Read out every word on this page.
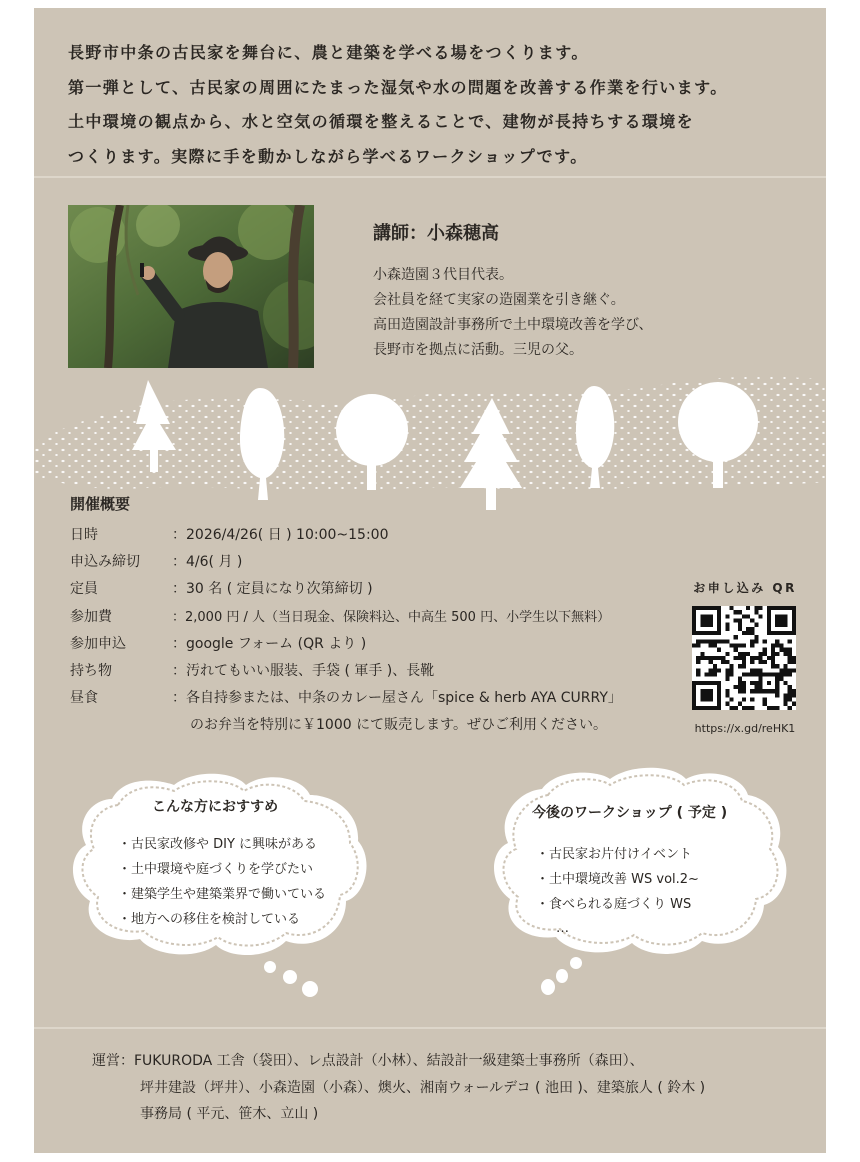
長野市中条の古民家を舞台に、農と建築を学べる場をつくります。

第一弾として、古民家の周囲にたまった湿気や水の問題を改善する作業を行います。

土中環境の観点から、水と空気の循環を整えることで、建物が長持ちする環境を

つくります。実際に手を動かしながら学べるワークショップです。

講師：小森穂高
小森造園３代目代表。
会社員を経て実家の造園業を引き継ぐ。
高田造園設計事務所で土中環境改善を学び、
長野市を拠点に活動。三児の父。
開催概要
日時	：2026/4/26( 日 ) 10:00~15:00
申込み締切 ：4/6( 月 )
定員	：30 名 ( 定員になり次第締切 )
参加費	：2,000 円 / 人（当日現金、保険料込、中高生 500 円、小学生以下無料）
参加申込	：google フォーム (QR より )
持ち物	：汚れてもいい服装、手袋 ( 軍手 )、長靴
昼食	：各自持参または、中条のカレー屋さん「spice & herb AYA CURRY」
のお弁当を特別に￥1000 にて販売します。ぜひご利用ください。
お申し込み QR
https://x.gd/reHK1
こんな方におすすめ
・古民家改修や DIY に興味がある
・土中環境や庭づくりを学びたい
・建築学生や建築業界で働いている
・地方への移住を検討している
今後のワークショップ ( 予定 )
・古民家お片付けイベント
・土中環境改善 WS vol.2~
・食べられる庭づくり WS
…
運営：FUKURODA 工舎（袋田）、レ点設計（小林）、結設計一級建築士事務所（森田）、
坪井建設（坪井）、小森造園（小森）、燠火、湘南ウォールデコ ( 池田 )、建築旅人 ( 鈴木 )
事務局 ( 平元、笹木、立山 )
